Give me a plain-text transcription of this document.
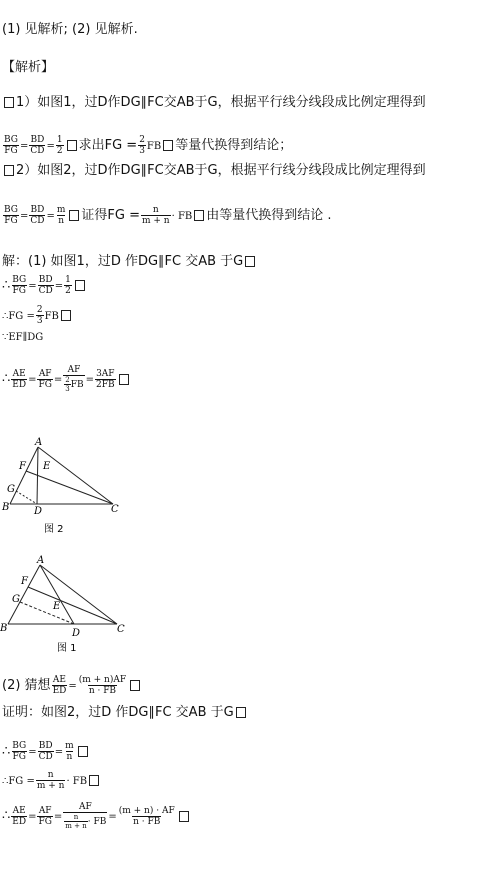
(1) 见解析; (2) 见解析.
【解析】
1）如图1，过D作DG∥FC交AB于G，根据平行线分线段成比例定理得到
$\frac{BG}{FG} = \frac{BD}{CD} = \frac{1}{2}$ 求出FG = $\frac{2}{3}$ FB 等量代换得到结论；
2）如图2，过D作DG∥FC交AB于G，根据平行线分线段成比例定理得到
$\frac{BG}{FG} = \frac{BD}{CD} = \frac{m}{n}$ 证得FG = $\frac{n}{m + n}$ · FB 由等量代换得到结论 .
解：(1) 如图1，过D 作DG∥FC 交AB 于G
∴ $\frac{BG}{FG} = \frac{BD}{CD} = \frac{1}{2}$
∴FG = $\frac{2}{3}$ FB
∵EF∥DG
∴ $\frac{AE}{ED} = \frac{AF}{FG} = \frac{AF}{\frac{2}{3} FB} = \frac{3AF}{2FB}$
A
B	C
D
E
F
G
图 2
A
B	C
D
E
F
G
图 1
(2) 猜想 $\frac{AE}{ED} = \frac{(m + n)AF}{n \cdot FB}$
证明：如图2，过D 作DG∥FC 交AB 于G
∴ $\frac{BG}{FG} = \frac{BD}{CD} = \frac{m}{n}$
∴FG = $\frac{n}{m + n}$ · FB
∴ $\frac{AE}{ED} = \frac{AF}{FG} = \frac{AF}{\frac{n}{m + n} \cdot FB} = \frac{(m + n) \cdot AF}{n \cdot FB}$
